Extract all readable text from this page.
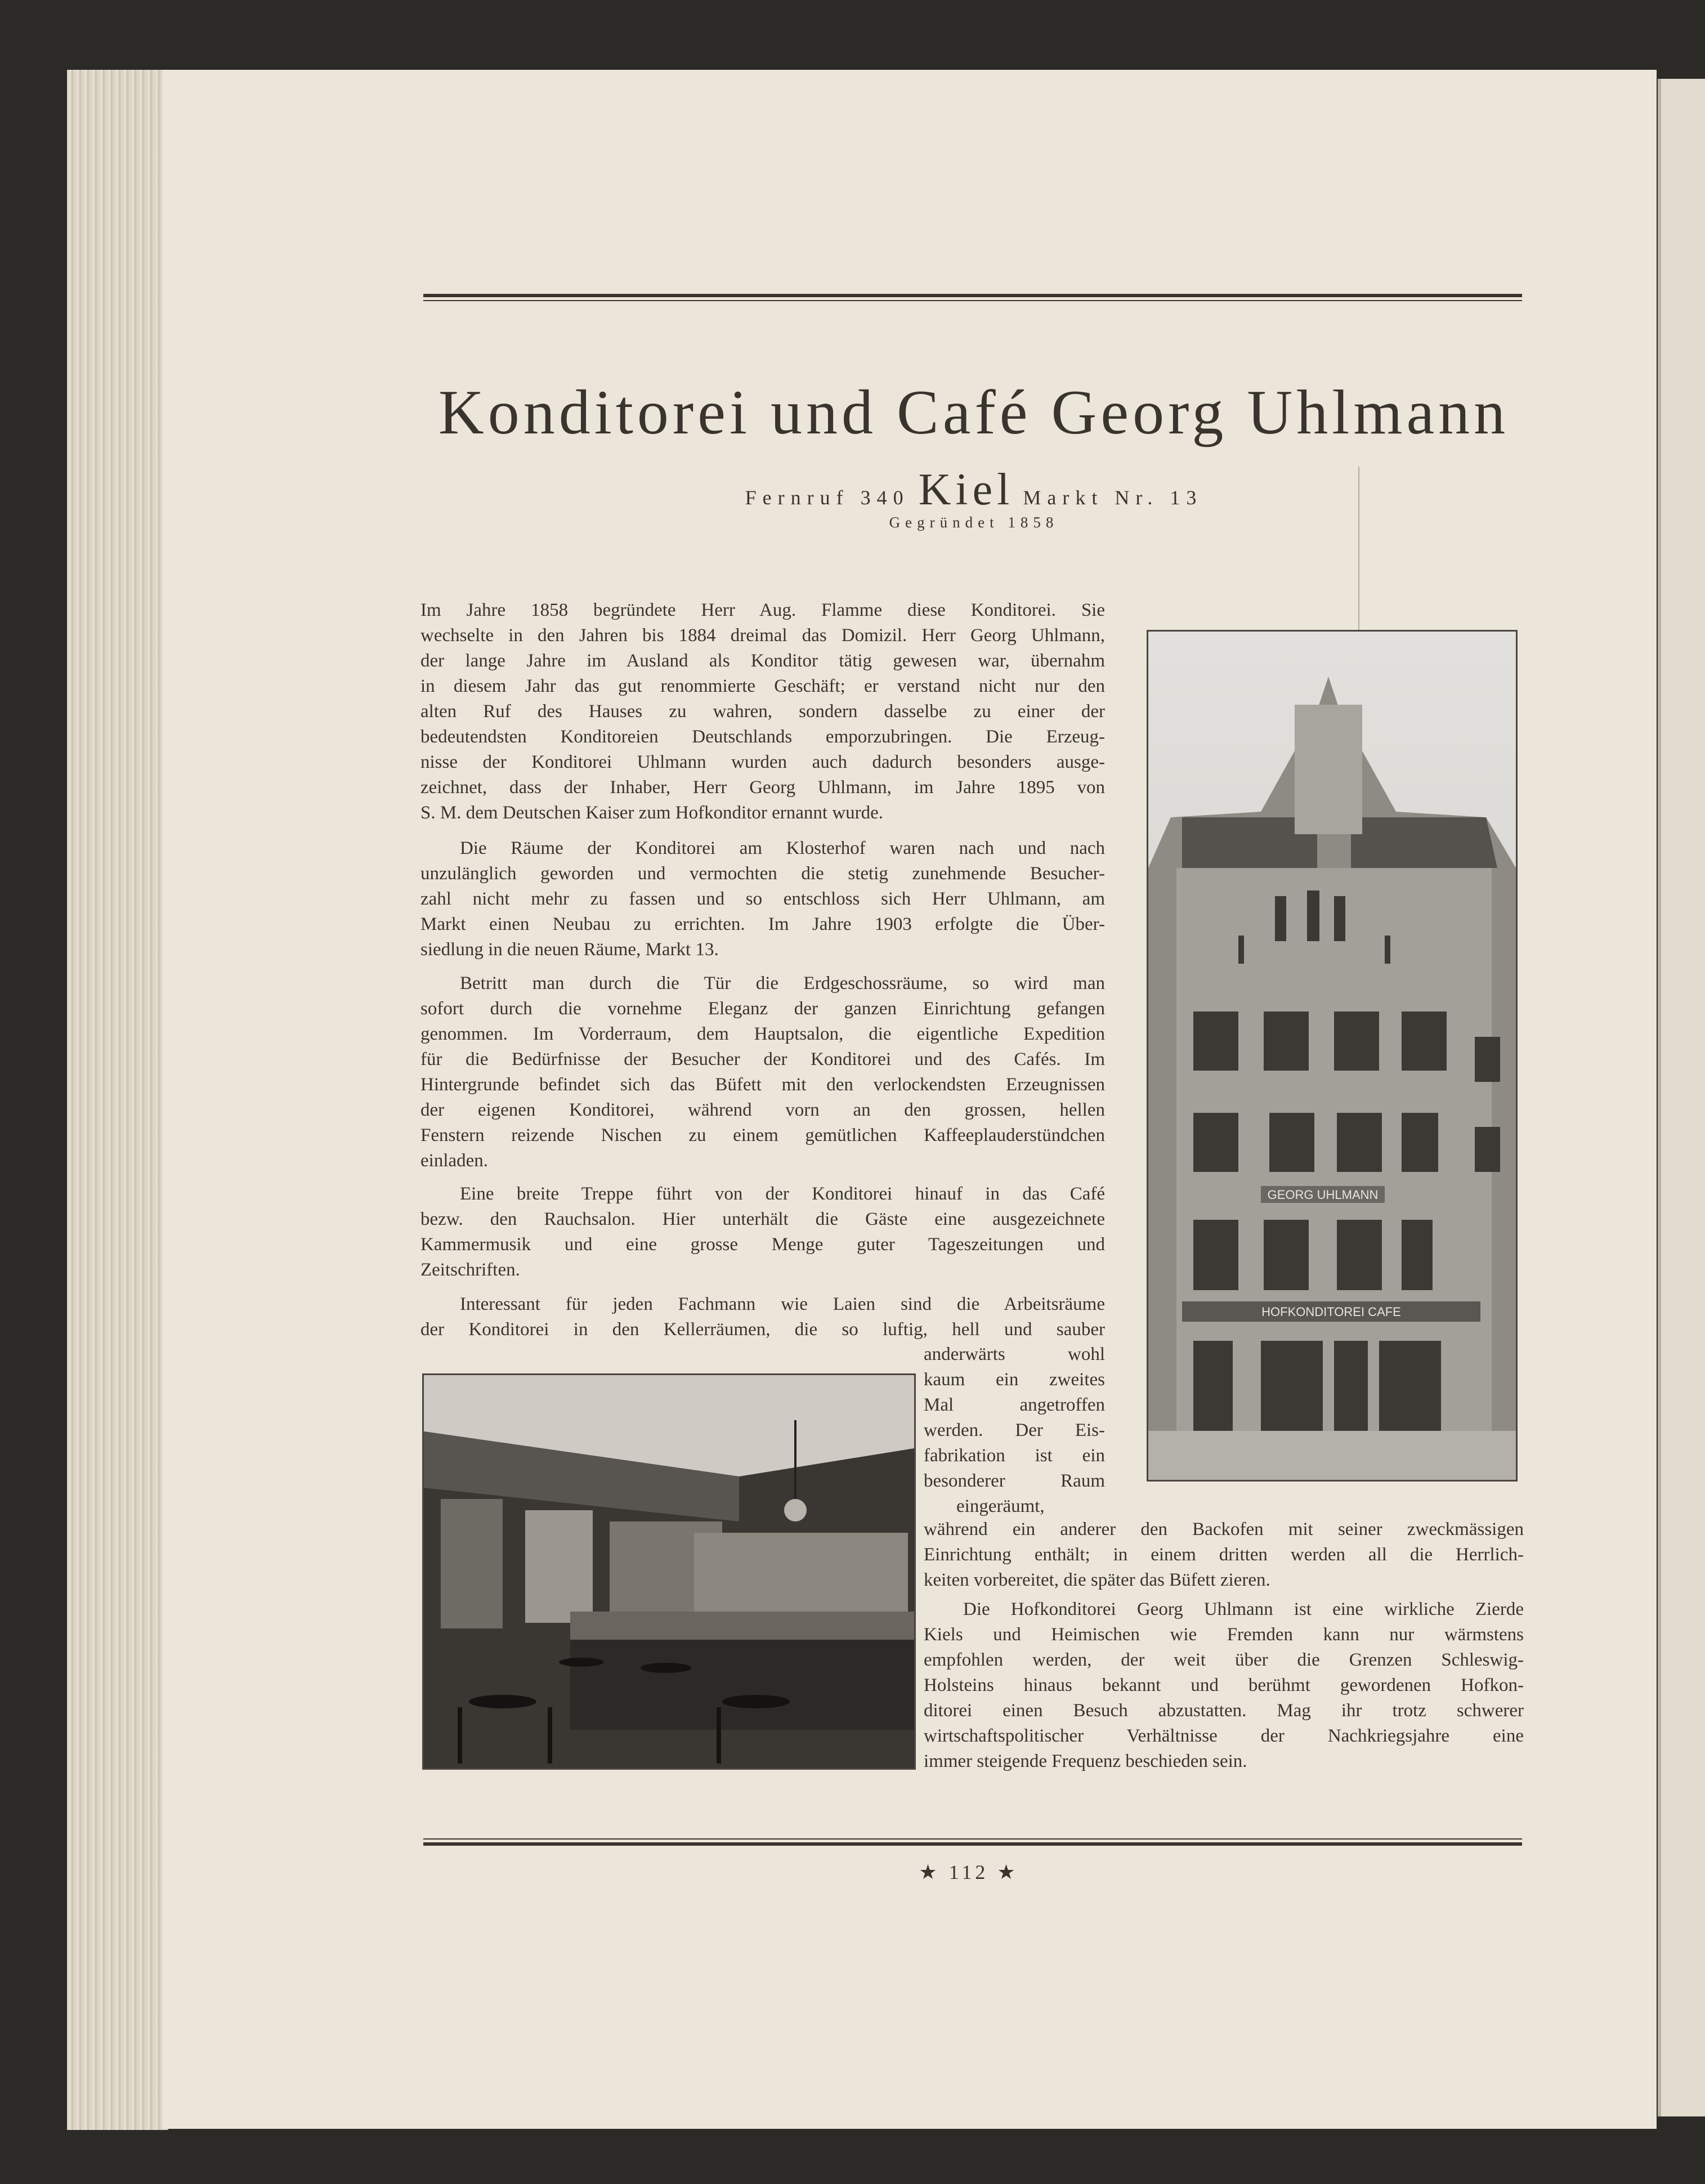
Konditorei und Café Georg Uhlmann
Fernruf 340 Kiel Markt Nr. 13
Gegründet 1858
Im Jahre 1858 begründete Herr Aug. Flamme diese Konditorei. Sie
wechselte in den Jahren bis 1884 dreimal das Domizil. Herr Georg Uhlmann,
der lange Jahre im Ausland als Konditor tätig gewesen war, übernahm
in diesem Jahr das gut renommierte Geschäft; er verstand nicht nur den
alten Ruf des Hauses zu wahren, sondern dasselbe zu einer der
bedeutendsten Konditoreien Deutschlands emporzubringen. Die Erzeug-
nisse der Konditorei Uhlmann wurden auch dadurch besonders ausge-
zeichnet, dass der Inhaber, Herr Georg Uhlmann, im Jahre 1895 von
S. M. dem Deutschen Kaiser zum Hofkonditor ernannt wurde.
Die Räume der Konditorei am Klosterhof waren nach und nach
unzulänglich geworden und vermochten die stetig zunehmende Besucher-
zahl nicht mehr zu fassen und so entschloss sich Herr Uhlmann, am
Markt einen Neubau zu errichten. Im Jahre 1903 erfolgte die Über-
siedlung in die neuen Räume, Markt 13.
Betritt man durch die Tür die Erdgeschossräume, so wird man
sofort durch die vornehme Eleganz der ganzen Einrichtung gefangen
genommen. Im Vorderraum, dem Hauptsalon, die eigentliche Expedition
für die Bedürfnisse der Besucher der Konditorei und des Cafés. Im
Hintergrunde befindet sich das Büfett mit den verlockendsten Erzeugnissen
der eigenen Konditorei, während vorn an den grossen, hellen
Fenstern reizende Nischen zu einem gemütlichen Kaffeeplauderstündchen
einladen.
Eine breite Treppe führt von der Konditorei hinauf in das Café
bezw. den Rauchsalon. Hier unterhält die Gäste eine ausgezeichnete
Kammermusik und eine grosse Menge guter Tageszeitungen und
Zeitschriften.
Interessant für jeden Fachmann wie Laien sind die Arbeitsräume
der Konditorei in den Kellerräumen, die so luftig, hell und sauber
anderwärts wohl
kaum ein zweites
Mal angetroffen
werden. Der Eis-
fabrikation ist ein
besonderer Raum
eingeräumt,
während ein anderer den Backofen mit seiner zweckmässigen
Einrichtung enthält; in einem dritten werden all die Herrlich-
keiten vorbereitet, die später das Büfett zieren.
Die Hofkonditorei Georg Uhlmann ist eine wirkliche Zierde
Kiels und Heimischen wie Fremden kann nur wärmstens
empfohlen werden, der weit über die Grenzen Schleswig-
Holsteins hinaus bekannt und berühmt gewordenen Hofkon-
ditorei einen Besuch abzustatten. Mag ihr trotz schwerer
wirtschaftspolitischer Verhältnisse der Nachkriegsjahre eine
immer steigende Frequenz beschieden sein.
GEORG UHLMANN
HOFKONDITOREI CAFE
★ 112 ★
